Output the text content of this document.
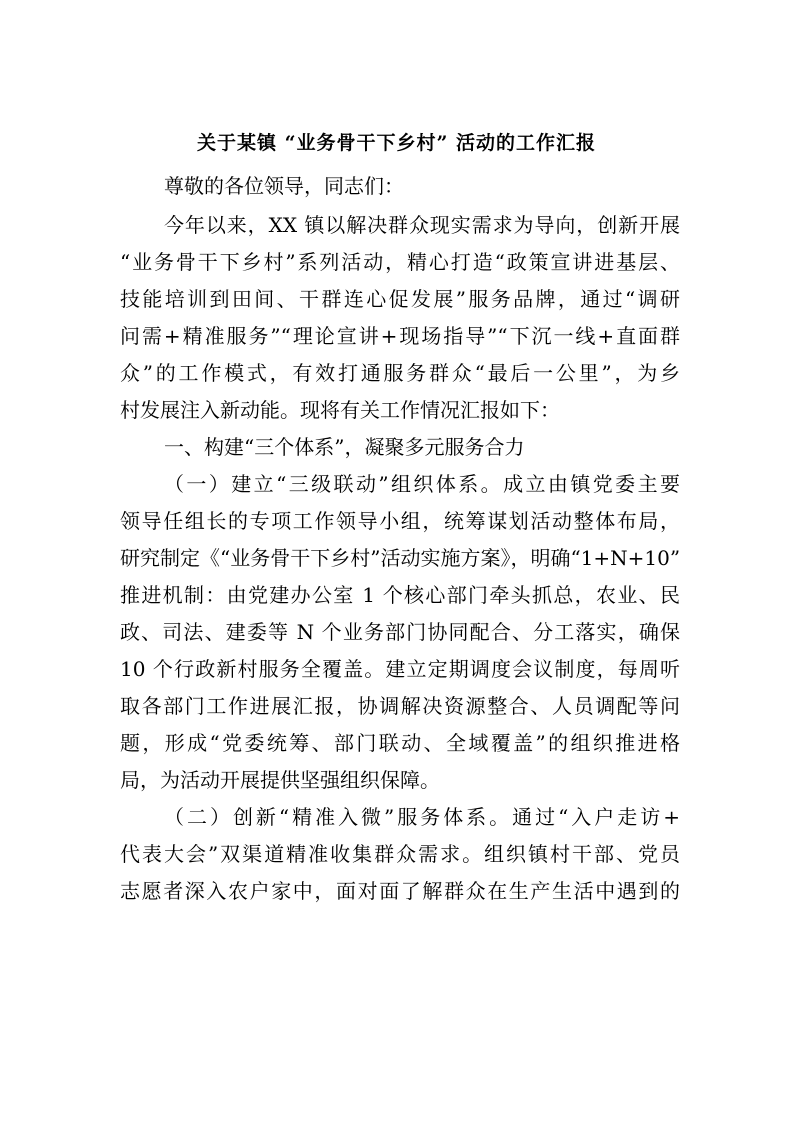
关于某镇 “业务骨干下乡村” 活动的工作汇报
尊敬的各位领导，同志们：
今年以来，XX 镇以解决群众现实需求为导向，创新开展
“业务骨干下乡村”系列活动，精心打造“政策宣讲进基层、
技能培训到田间、干群连心促发展”服务品牌，通过“调研
问需+精准服务”“理论宣讲+现场指导”“下沉一线+直面群
众”的工作模式，有效打通服务群众“最后一公里”，为乡
村发展注入新动能。现将有关工作情况汇报如下：
一、构建“三个体系”，凝聚多元服务合力
（一）建立“三级联动”组织体系。成立由镇党委主要
领导任组长的专项工作领导小组，统筹谋划活动整体布局，
研究制定《“业务骨干下乡村”活动实施方案》，明确“1+N+10”
推进机制：由党建办公室 1 个核心部门牵头抓总，农业、民
政、司法、建委等 N 个业务部门协同配合、分工落实，确保
10 个行政新村服务全覆盖。建立定期调度会议制度，每周听
取各部门工作进展汇报，协调解决资源整合、人员调配等问
题，形成“党委统筹、部门联动、全域覆盖”的组织推进格
局，为活动开展提供坚强组织保障。
（二）创新“精准入微”服务体系。通过“入户走访+
代表大会”双渠道精准收集群众需求。组织镇村干部、党员
志愿者深入农户家中，面对面了解群众在生产生活中遇到的
